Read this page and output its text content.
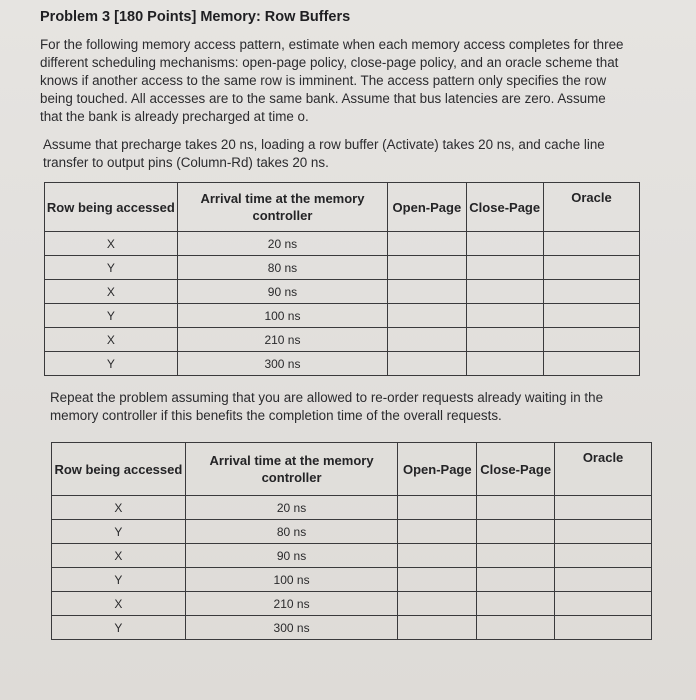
Problem 3 [180 Points] Memory: Row Buffers
For the following memory access pattern, estimate when each memory access completes for three different scheduling mechanisms: open-page policy, close-page policy, and an oracle scheme that knows if another access to the same row is imminent. The access pattern only specifies the row being touched. All accesses are to the same bank. Assume that bus latencies are zero. Assume that the bank is already precharged at time o.
Assume that precharge takes 20 ns, loading a row buffer (Activate) takes 20 ns, and cache line transfer to output pins (Column-Rd) takes 20 ns.
Row being accessed	Arrival time at the memory controller	Open-Page	Close-Page	Oracle
X	20 ns			
Y	80 ns			
X	90 ns			
Y	100 ns			
X	210 ns			
Y	300 ns			
Repeat the problem assuming that you are allowed to re-order requests already waiting in the memory controller if this benefits the completion time of the overall requests.
Row being accessed	Arrival time at the memory controller	Open-Page	Close-Page	Oracle
X	20 ns			
Y	80 ns			
X	90 ns			
Y	100 ns			
X	210 ns			
Y	300 ns			
